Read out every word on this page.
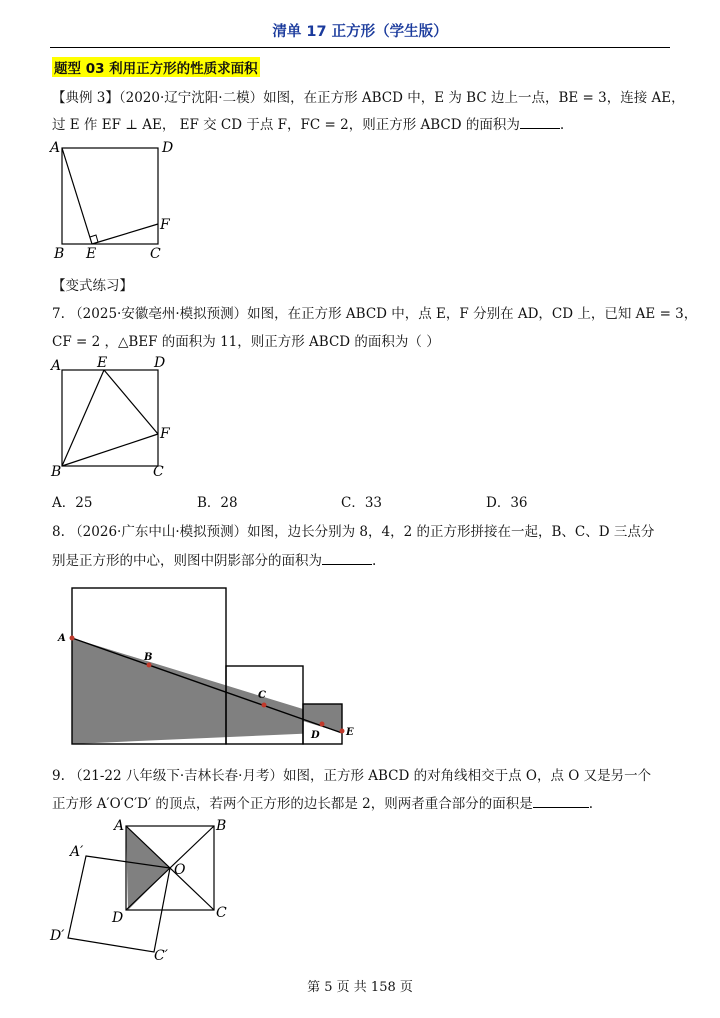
清单 17 正方形（学生版）
题型 03 利用正方形的性质求面积
【典例 3】（2020·辽宁沈阳·二模）如图，在正方形 ABCD 中，E 为 BC 边上一点，BE = 3，连接 AE，
过 E 作 EF ⊥ AE， EF 交 CD 于点 F，FC = 2，则正方形 ABCD 的面积为	.
A	D
B E	C
F
【变式练习】
7. （2025·安徽亳州·模拟预测）如图，在正方形 ABCD 中，点 E，F 分别在 AD，CD 上，已知 AE = 3，
CF = 2 ，△BEF 的面积为 11，则正方形 ABCD 的面积为（ ）
A	E	D
F
B	C
A．25	B．28	C．33	D．36
8. （2026·广东中山·模拟预测）如图，边长分别为 8，4，2 的正方形拼接在一起，B、C、D 三点分
别是正方形的中心，则图中阴影部分的面积为	.
A
B
C
D	E
9. （21-22 八年级下·吉林长春·月考）如图，正方形 ABCD 的对角线相交于点 O，点 O 又是另一个
正方形 A′O′C′D′ 的顶点，若两个正方形的边长都是 2，则两者重合部分的面积是	.
A	B
O
D	C
A′
D′
C′
第 5 页 共 158 页
